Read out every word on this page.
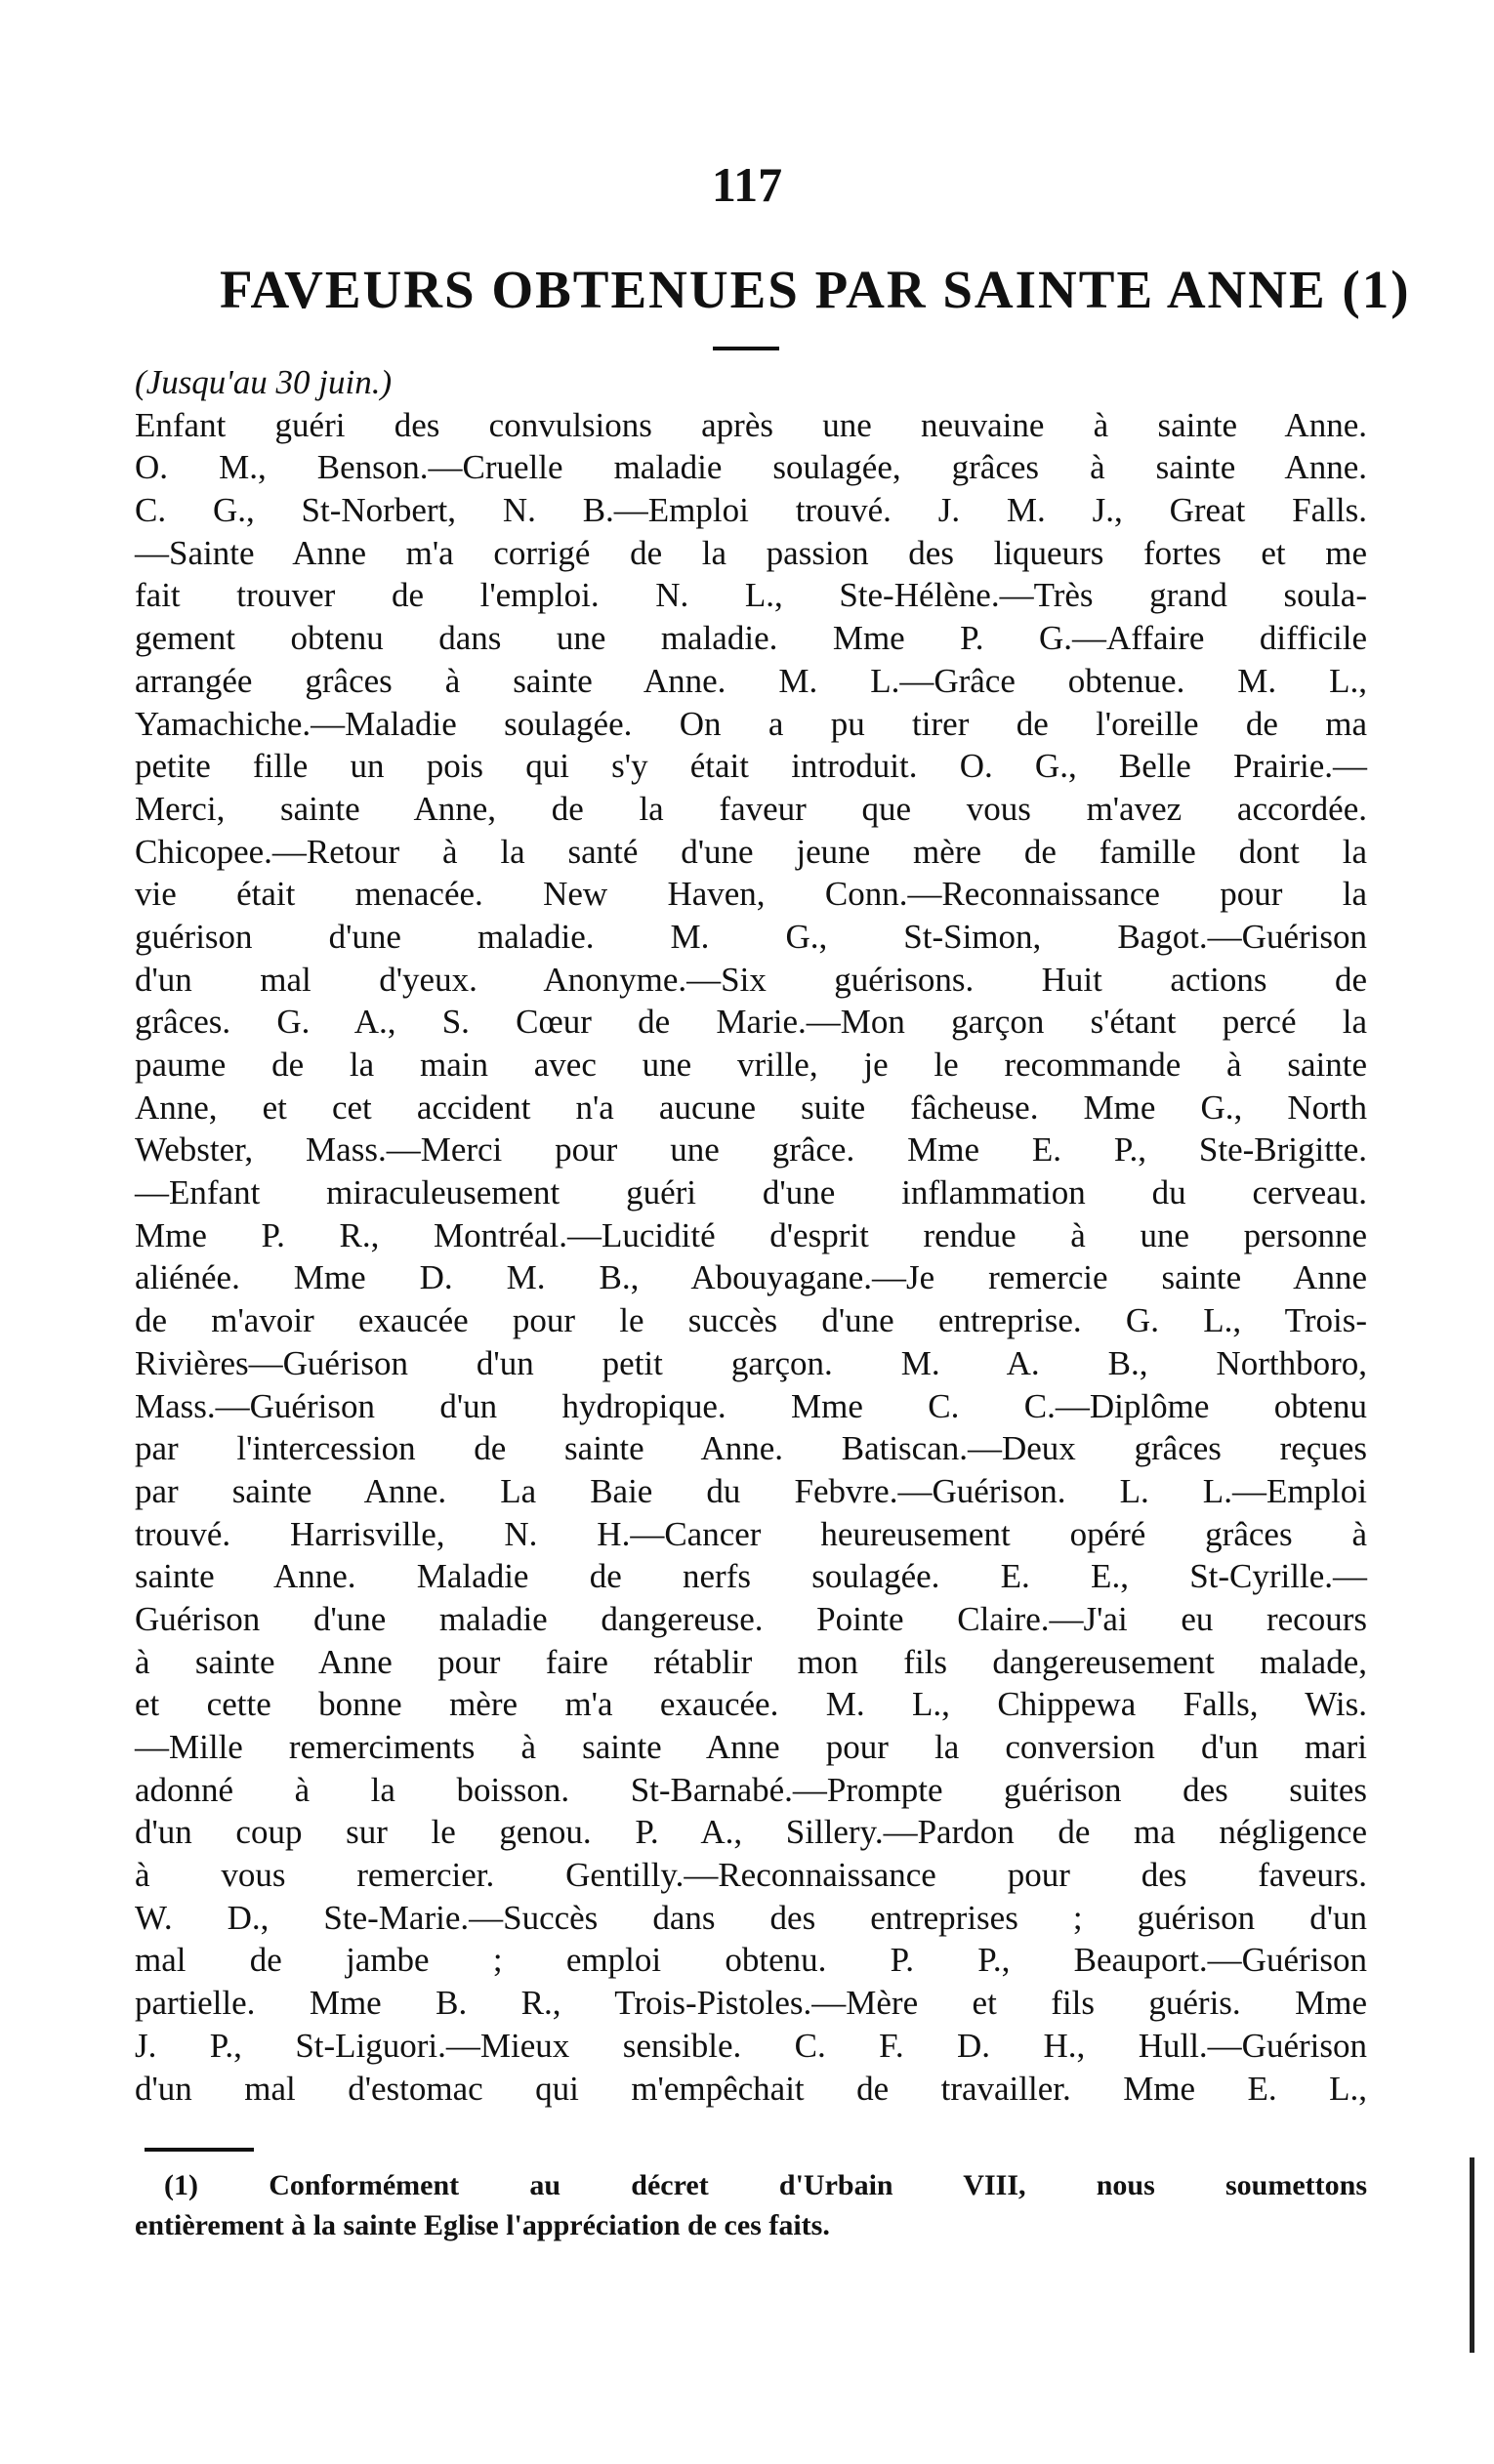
117
FAVEURS OBTENUES PAR SAINTE ANNE (1)
(Jusqu'au 30 juin.)
Enfant guéri des convulsions après une neuvaine à sainte Anne.
O. M., Benson.—Cruelle maladie soulagée, grâces à sainte Anne.
C. G., St-Norbert, N. B.—Emploi trouvé. J. M. J., Great Falls.
—Sainte Anne m'a corrigé de la passion des liqueurs fortes et me
fait trouver de l'emploi. N. L., Ste-Hélène.—Très grand soula-
gement obtenu dans une maladie. Mme P. G.—Affaire difficile
arrangée grâces à sainte Anne. M. L.—Grâce obtenue. M. L.,
Yamachiche.—Maladie soulagée. On a pu tirer de l'oreille de ma
petite fille un pois qui s'y était introduit. O. G., Belle Prairie.—
Merci, sainte Anne, de la faveur que vous m'avez accordée.
Chicopee.—Retour à la santé d'une jeune mère de famille dont la
vie était menacée. New Haven, Conn.—Reconnaissance pour la
guérison d'une maladie. M. G., St-Simon, Bagot.—Guérison
d'un mal d'yeux. Anonyme.—Six guérisons. Huit actions de
grâces. G. A., S. Cœur de Marie.—Mon garçon s'étant percé la
paume de la main avec une vrille, je le recommande à sainte
Anne, et cet accident n'a aucune suite fâcheuse. Mme G., North
Webster, Mass.—Merci pour une grâce. Mme E. P., Ste-Brigitte.
—Enfant miraculeusement guéri d'une inflammation du cerveau.
Mme P. R., Montréal.—Lucidité d'esprit rendue à une personne
aliénée. Mme D. M. B., Abouyagane.—Je remercie sainte Anne
de m'avoir exaucée pour le succès d'une entreprise. G. L., Trois-
Rivières—Guérison d'un petit garçon. M. A. B., Northboro,
Mass.—Guérison d'un hydropique. Mme C. C.—Diplôme obtenu
par l'intercession de sainte Anne. Batiscan.—Deux grâces reçues
par sainte Anne. La Baie du Febvre.—Guérison. L. L.—Emploi
trouvé. Harrisville, N. H.—Cancer heureusement opéré grâces à
sainte Anne. Maladie de nerfs soulagée. E. E., St-Cyrille.—
Guérison d'une maladie dangereuse. Pointe Claire.—J'ai eu recours
à sainte Anne pour faire rétablir mon fils dangereusement malade,
et cette bonne mère m'a exaucée. M. L., Chippewa Falls, Wis.
—Mille remerciments à sainte Anne pour la conversion d'un mari
adonné à la boisson. St-Barnabé.—Prompte guérison des suites
d'un coup sur le genou. P. A., Sillery.—Pardon de ma négligence
à vous remercier. Gentilly.—Reconnaissance pour des faveurs.
W. D., Ste-Marie.—Succès dans des entreprises ; guérison d'un
mal de jambe ; emploi obtenu. P. P., Beauport.—Guérison
partielle. Mme B. R., Trois-Pistoles.—Mère et fils guéris. Mme
J. P., St-Liguori.—Mieux sensible. C. F. D. H., Hull.—Guérison
d'un mal d'estomac qui m'empêchait de travailler. Mme E. L.,
(1) Conformément au décret d'Urbain VIII, nous soumettons
entièrement à la sainte Eglise l'appréciation de ces faits.
